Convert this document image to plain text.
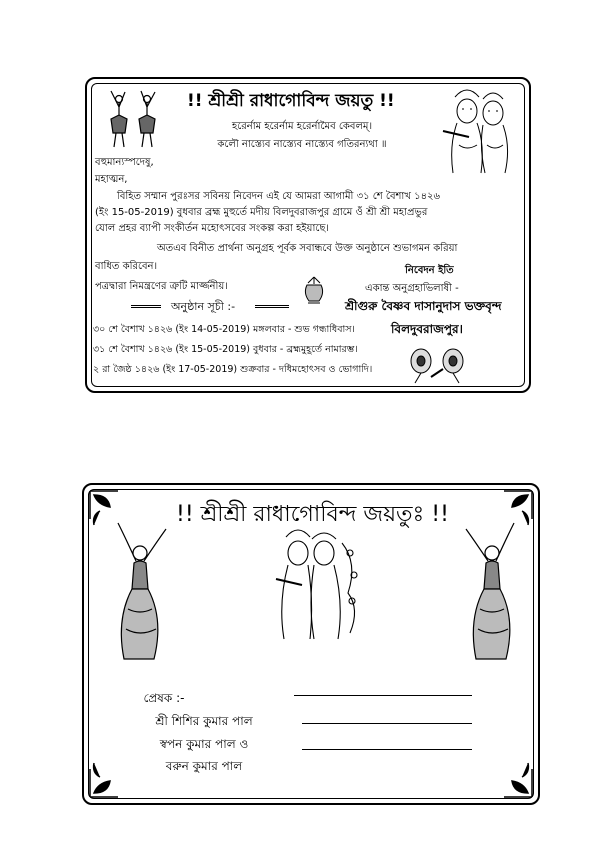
!! শ্রীশ্রী রাধাগোবিন্দ জয়তু !!
হরের্নাম হরের্নাম হরের্নামৈব কেবলম্।
কলৌ নাস্ত্যেব নাস্ত্যেব নাস্ত্যেব গতিরন্যথা ॥
বহুমান্যস্পদেষু,
মহাত্মন,
বিহিত সম্মান পুরঃসর সবিনয় নিবেদন এই যে আমরা আগামী ৩১ শে বৈশাখ ১৪২৬
(ইং 15-05-2019) বুধবার ব্রহ্ম মুহুর্তে মদীয় বিলদুবরাজপুর গ্রামে ওঁ শ্রী শ্রী মহাপ্রভুর
যোল প্রহর ব্যাপী সংকীর্তন মহোৎসবের সংকল্প করা হইয়াছে।
অতএব বিনীত প্রার্থনা অনুগ্রহ পূর্বক সবান্ধবে উক্ত অনুষ্ঠানে শুভাগমন করিয়া
বাধিত করিবেন।
পত্রদ্বারা নিমন্ত্রণের ত্রুটি মার্জ্জনীয়।
নিবেদন ইতি
একান্ত অনুগ্রহাভিলাষী -
শ্রীগুরু বৈষ্ণব দাসানুদাস ভক্তবৃন্দ
বিলদুবরাজপুর।
অনুষ্ঠান সূচী :-
৩০ শে বৈশাখ ১৪২৬ (ইং 14-05-2019) মঙ্গলবার - শুভ গন্ধাধিবাস।
৩১ শে বৈশাখ ১৪২৬ (ইং 15-05-2019) বুধবার - ব্রহ্মমুহূর্তে নামারম্ভ।
২ রা জৈষ্ঠ ১৪২৬ (ইং 17-05-2019) শুক্রবার - দধিমহোৎসব ও ভোগাদি।
!! শ্রীশ্রী রাধাগোবিন্দ জয়তুঃ !!
প্রেষক :-
শ্রী শিশির কুমার পাল
স্বপন কুমার পাল ও
বরুন কুমার পাল
